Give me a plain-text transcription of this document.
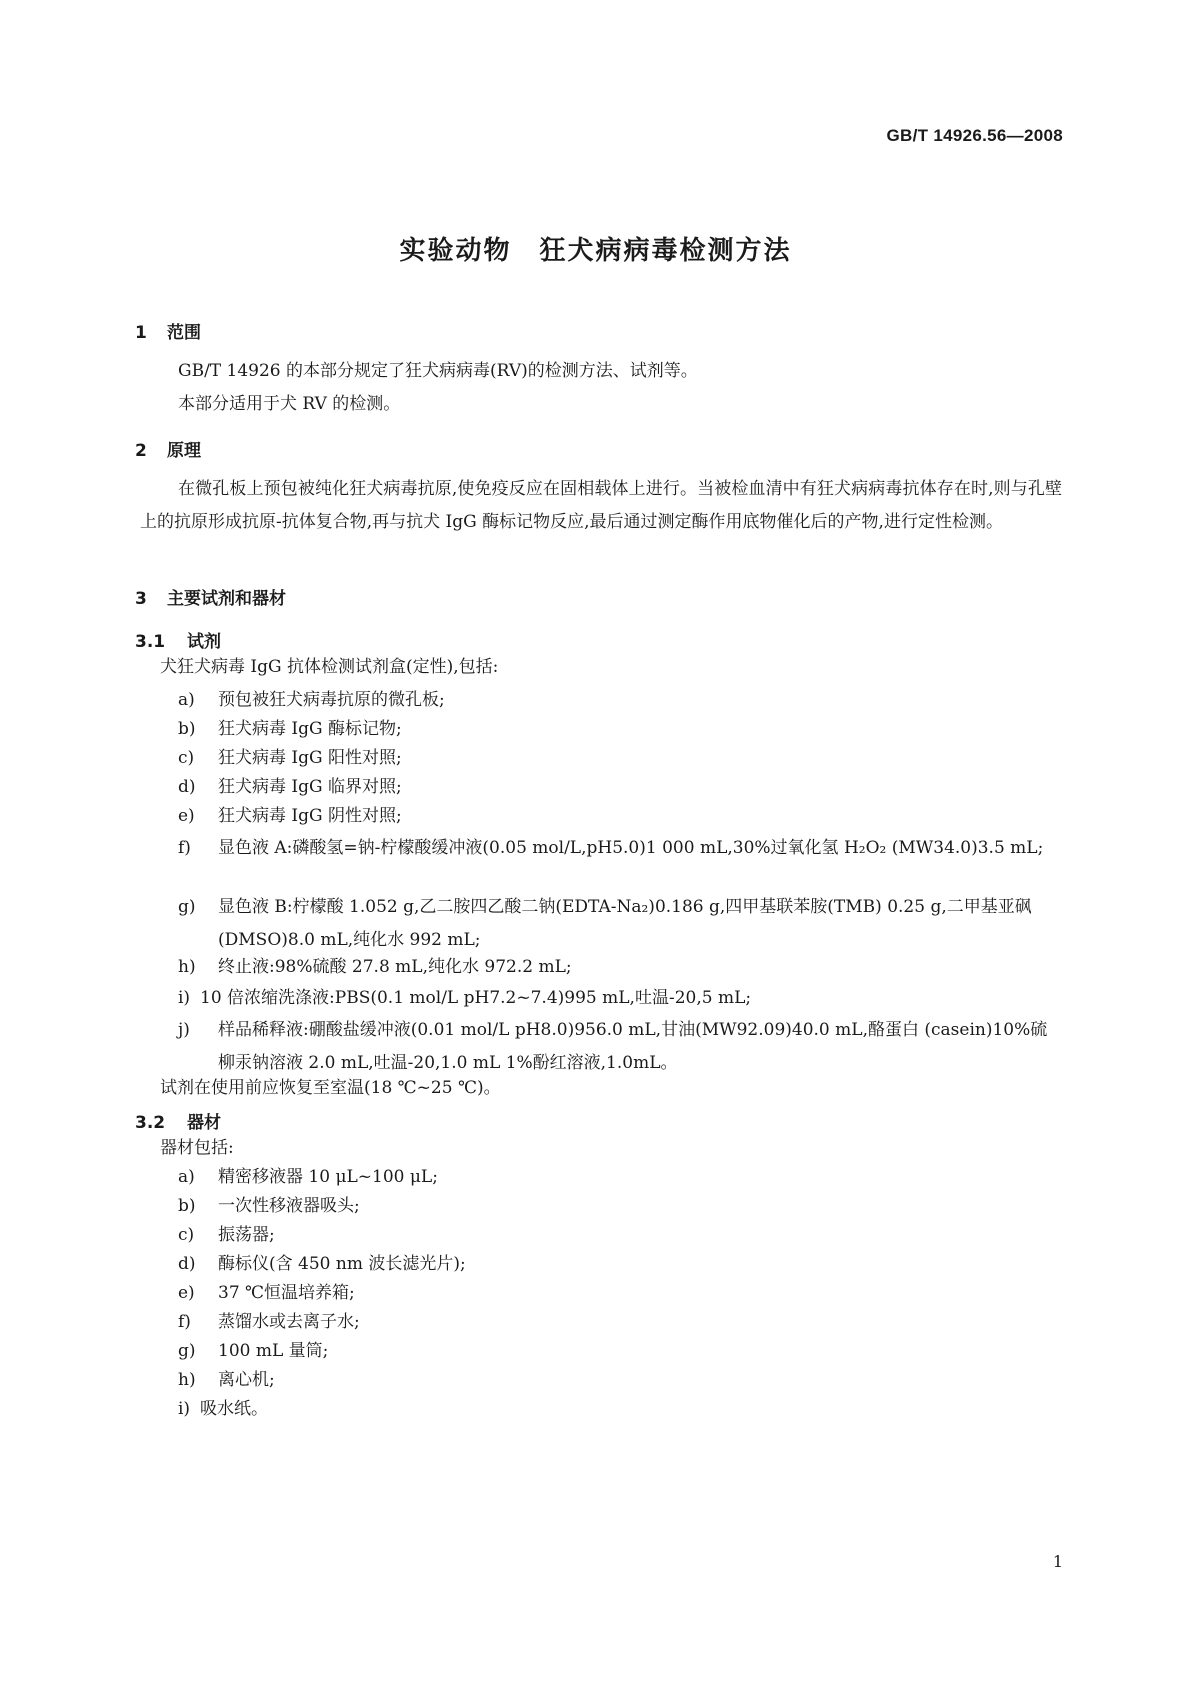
GB/T 14926.56—2008
实验动物 狂犬病病毒检测方法
1 范围
GB/T 14926 的本部分规定了狂犬病病毒(RV)的检测方法、试剂等。
本部分适用于犬 RV 的检测。
2 原理
在微孔板上预包被纯化狂犬病毒抗原,使免疫反应在固相载体上进行。当被检血清中有狂犬病病毒抗体存在时,则与孔壁上的抗原形成抗原-抗体复合物,再与抗犬 IgG 酶标记物反应,最后通过测定酶作用底物催化后的产物,进行定性检测。
3 主要试剂和器材
3.1 试剂
犬狂犬病毒 IgG 抗体检测试剂盒(定性),包括:
a) 预包被狂犬病毒抗原的微孔板;
b) 狂犬病毒 IgG 酶标记物;
c) 狂犬病毒 IgG 阳性对照;
d) 狂犬病毒 IgG 临界对照;
e) 狂犬病毒 IgG 阴性对照;
f)	显色液 A:磷酸氢=钠-柠檬酸缓冲液(0.05 mol/L,pH5.0)1 000 mL,30%过氧化氢 H₂O₂ (MW34.0)3.5 mL;
g)	显色液 B:柠檬酸 1.052 g,乙二胺四乙酸二钠(EDTA-Na₂)0.186 g,四甲基联苯胺(TMB) 0.25 g,二甲基亚砜(DMSO)8.0 mL,纯化水 992 mL;
h) 终止液:98%硫酸 27.8 mL,纯化水 972.2 mL;
i) 10 倍浓缩洗涤液:PBS(0.1 mol/L pH7.2~7.4)995 mL,吐温-20,5 mL;
j)	样品稀释液:硼酸盐缓冲液(0.01 mol/L pH8.0)956.0 mL,甘油(MW92.09)40.0 mL,酪蛋白 (casein)10%硫柳汞钠溶液 2.0 mL,吐温-20,1.0 mL 1%酚红溶液,1.0mL。
试剂在使用前应恢复至室温(18 ℃~25 ℃)。
3.2 器材
器材包括:
a) 精密移液器 10 μL~100 μL;
b) 一次性移液器吸头;
c) 振荡器;
d) 酶标仪(含 450 nm 波长滤光片);
e) 37 ℃恒温培养箱;
f) 蒸馏水或去离子水;
g) 100 mL 量筒;
h) 离心机;
i) 吸水纸。
1
